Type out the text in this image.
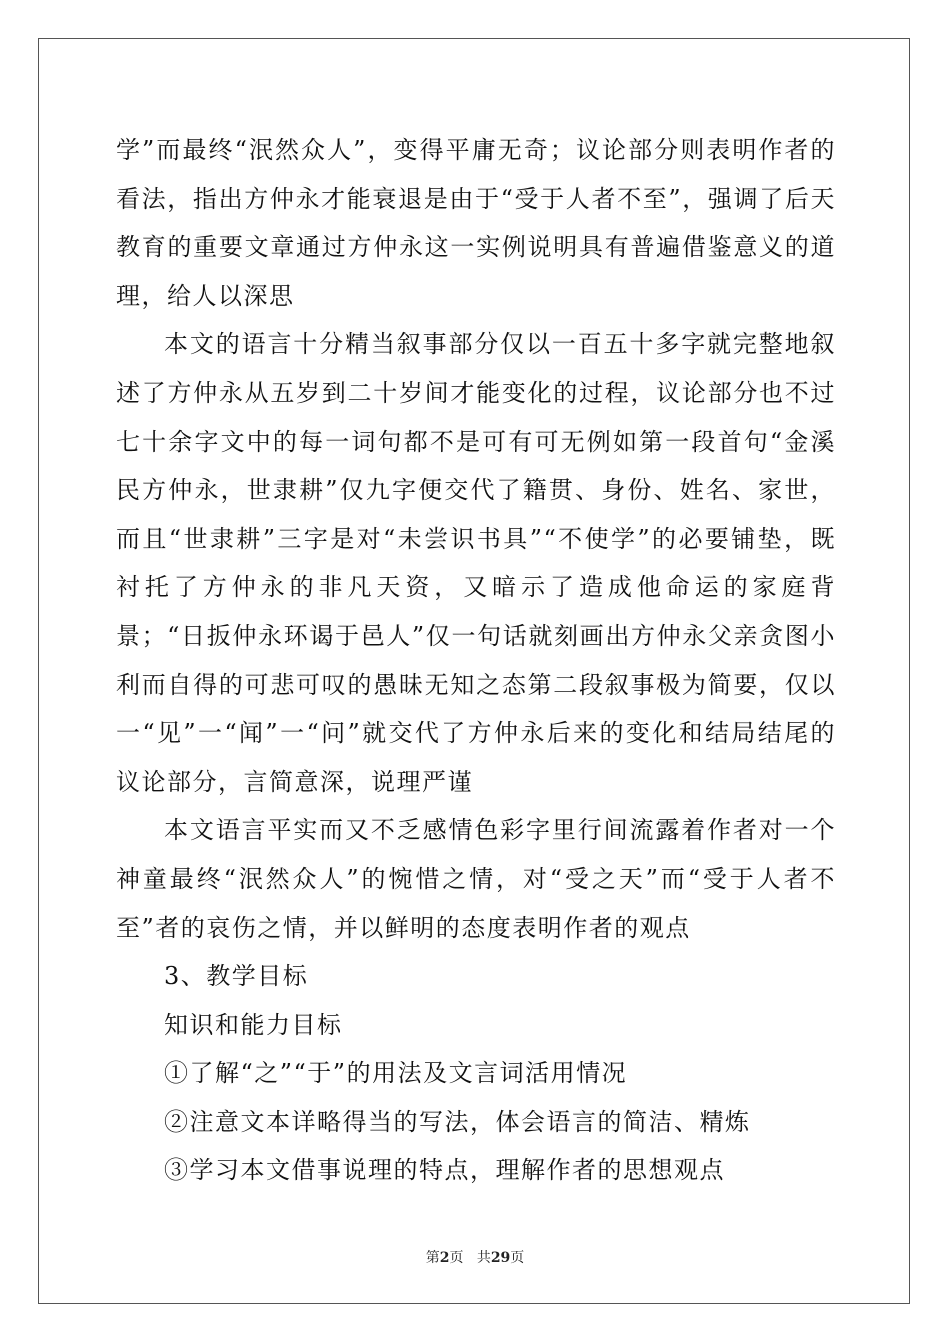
学”而最终“泯然众人”，变得平庸无奇；议论部分则表明作者的看法，指出方仲永才能衰退是由于“受于人者不至”，强调了后天教育的重要文章通过方仲永这一实例说明具有普遍借鉴意义的道理，给人以深思

本文的语言十分精当叙事部分仅以一百五十多字就完整地叙述了方仲永从五岁到二十岁间才能变化的过程，议论部分也不过七十余字文中的每一词句都不是可有可无例如第一段首句“金溪民方仲永，世隶耕”仅九字便交代了籍贯、身份、姓名、家世，而且“世隶耕”三字是对“未尝识书具”“不使学”的必要铺垫，既衬托了方仲永的非凡天资，又暗示了造成他命运的家庭背景；“日扳仲永环谒于邑人”仅一句话就刻画出方仲永父亲贪图小利而自得的可悲可叹的愚昧无知之态第二段叙事极为简要，仅以一“见”一“闻”一“问”就交代了方仲永后来的变化和结局结尾的议论部分，言简意深，说理严谨

本文语言平实而又不乏感情色彩字里行间流露着作者对一个神童最终“泯然众人”的惋惜之情，对“受之天”而“受于人者不至”者的哀伤之情，并以鲜明的态度表明作者的观点

3、教学目标

知识和能力目标

①了解“之”“于”的用法及文言词活用情况

②注意文本详略得当的写法，体会语言的简洁、精炼

③学习本文借事说理的特点，理解作者的思想观点

第2页 共29页
